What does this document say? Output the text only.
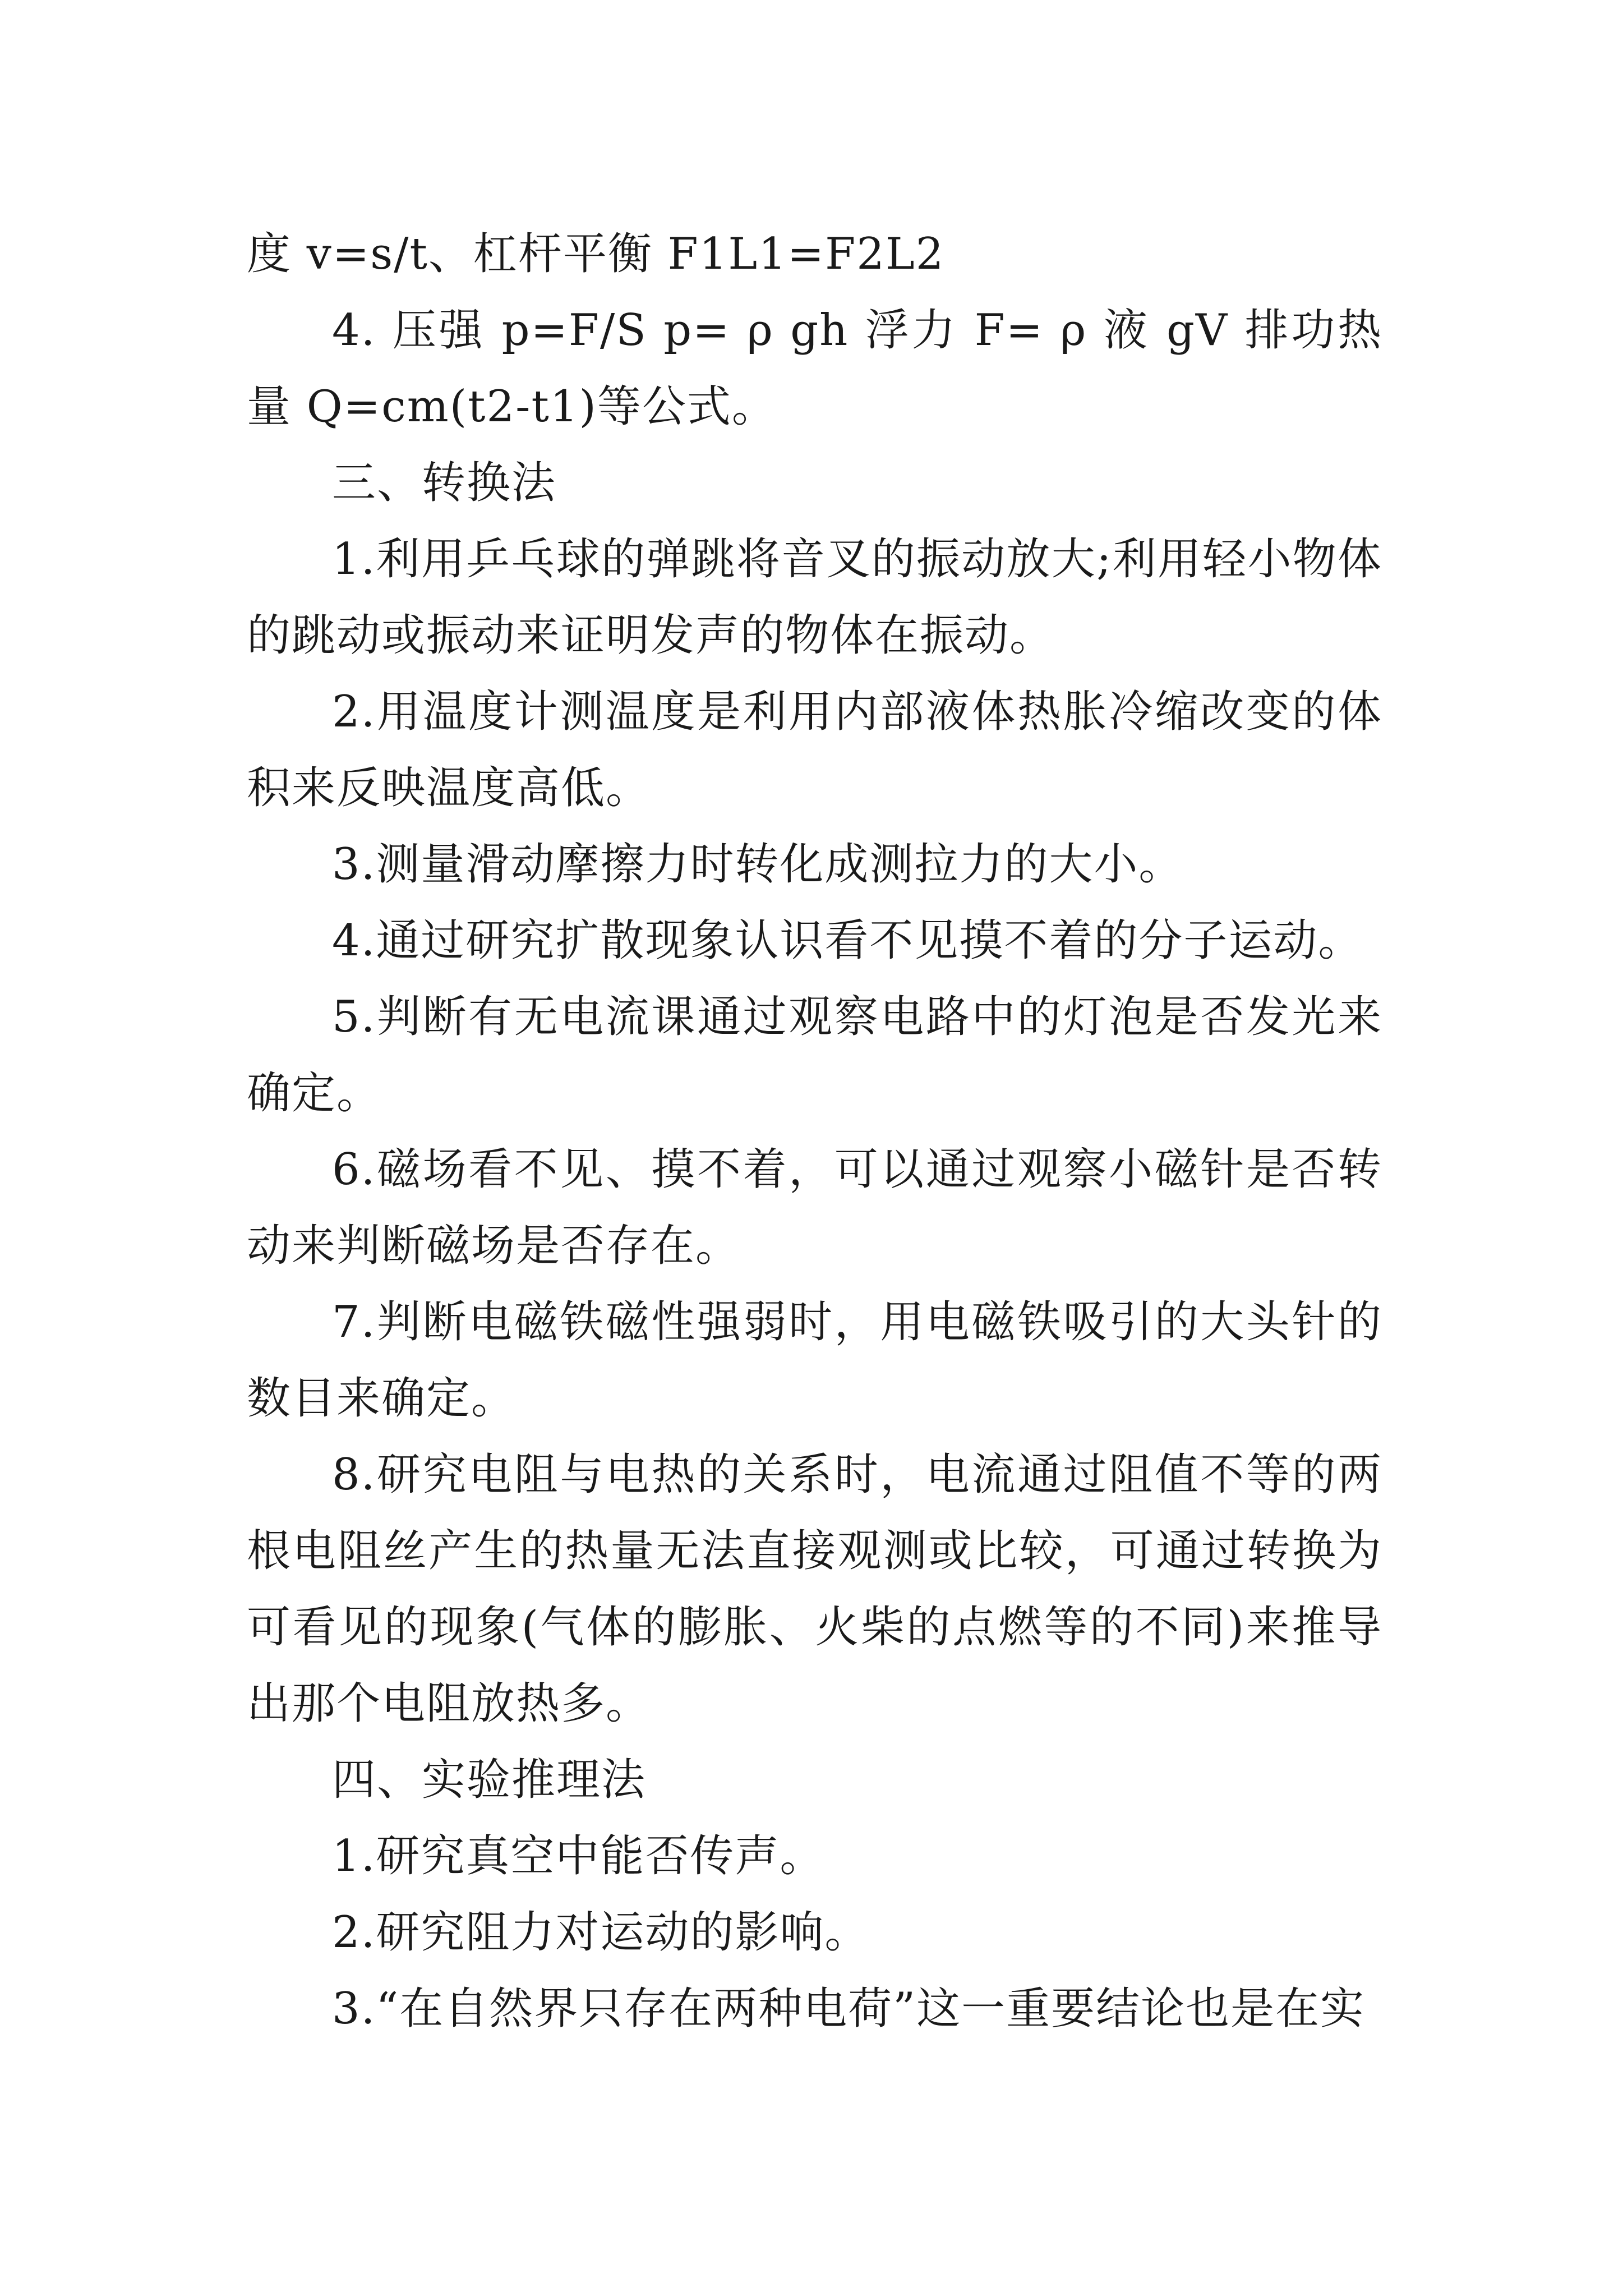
度 v=s/t、杠杆平衡 F1L1=F2L2

4. 压强 p=F/S p= ρ gh 浮力 F= ρ 液 gV 排功热量 Q=cm(t2-t1)等公式。

三、转换法

1.利用乒乓球的弹跳将音叉的振动放大;利用轻小物体的跳动或振动来证明发声的物体在振动。

2.用温度计测温度是利用内部液体热胀冷缩改变的体积来反映温度高低。

3.测量滑动摩擦力时转化成测拉力的大小。

4.通过研究扩散现象认识看不见摸不着的分子运动。

5.判断有无电流课通过观察电路中的灯泡是否发光来确定。

6.磁场看不见、摸不着，可以通过观察小磁针是否转动来判断磁场是否存在。

7.判断电磁铁磁性强弱时，用电磁铁吸引的大头针的数目来确定。

8.研究电阻与电热的关系时，电流通过阻值不等的两根电阻丝产生的热量无法直接观测或比较，可通过转换为可看见的现象(气体的膨胀、火柴的点燃等的不同)来推导出那个电阻放热多。

四、实验推理法

1.研究真空中能否传声。

2.研究阻力对运动的影响。

3.“在自然界只存在两种电荷”这一重要结论也是在实
